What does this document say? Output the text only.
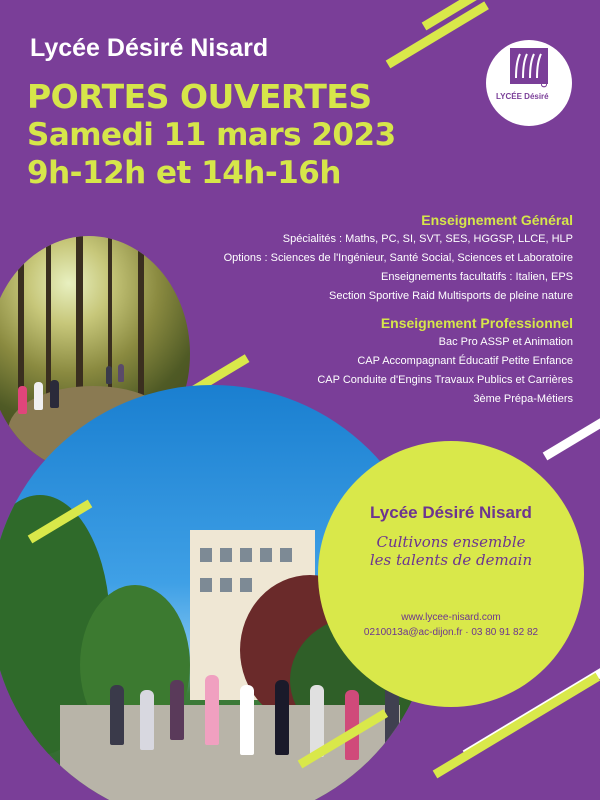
Lycée Désiré Nisard
PORTES OUVERTES
Samedi 11 mars 2023
9h-12h et 14h-16h
NISARD
LYCÉE Désiré
Enseignement Général
Spécialités : Maths, PC, SI, SVT, SES, HGGSP, LLCE, HLP
Options : Sciences de l'Ingénieur, Santé Social, Sciences et Laboratoire
Enseignements facultatifs : Italien, EPS
Section Sportive Raid Multisports de pleine nature
Enseignement Professionnel
Bac Pro ASSP et Animation
CAP Accompagnant Éducatif Petite Enfance
CAP Conduite d'Engins Travaux Publics et Carrières
3ème Prépa-Métiers
Lycée Désiré Nisard
Cultivons ensemble
les talents de demain
www.lycee-nisard.com
0210013a@ac-dijon.fr · 03 80 91 82 82
